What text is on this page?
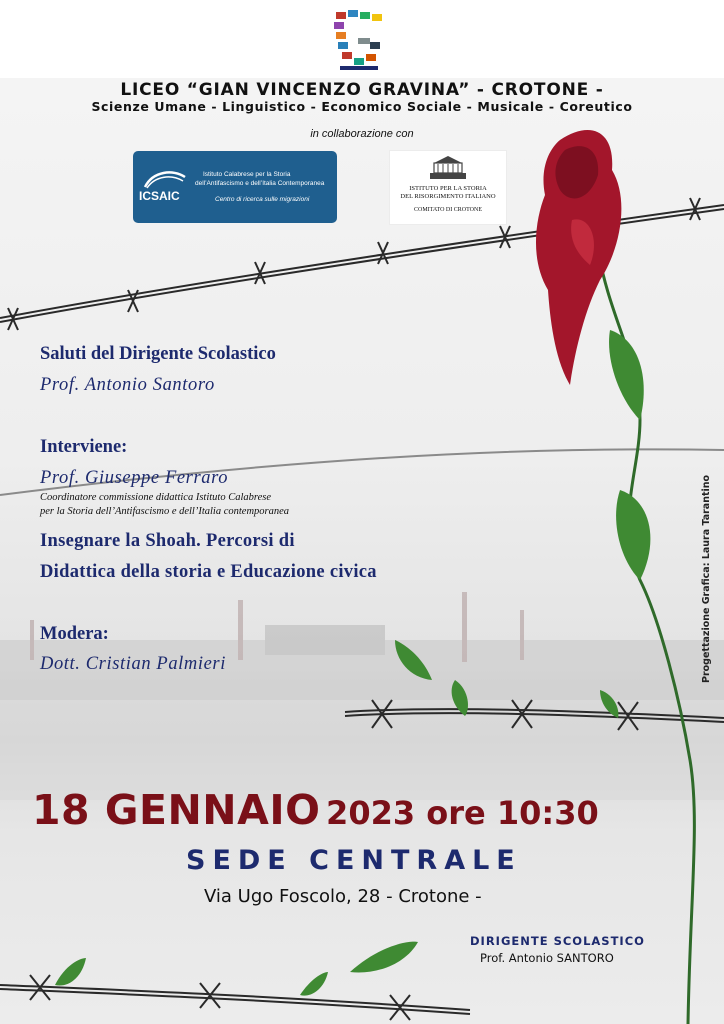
LICEO “GIAN VINCENZO GRAVINA” - CROTONE -
Scienze Umane - Linguistico - Economico Sociale - Musicale - Coreutico
in collaborazione con
ICSAIC
Istituto Calabrese per la Storia
dell’Antifascismo e dell’Italia Contemporanea
Centro di ricerca sulle migrazioni
ISTITUTO PER LA STORIA
DEL RISORGIMENTO ITALIANO
COMITATO DI CROTONE
Saluti del Dirigente Scolastico
Prof. Antonio Santoro
Interviene:
Prof. Giuseppe Ferraro
Coordinatore commissione didattica Istituto Calabrese
per la Storia dell’Antifascismo e dell’Italia contemporanea
Insegnare la Shoah. Percorsi di
Didattica della storia e Educazione civica
Modera:
Dott. Cristian Palmieri
18 GENNAIO 2023 ore 10:30
SEDE CENTRALE
Via Ugo Foscolo, 28 - Crotone -
DIRIGENTE SCOLASTICO
Prof. Antonio SANTORO
Progettazione Grafica: Laura Tarantino
